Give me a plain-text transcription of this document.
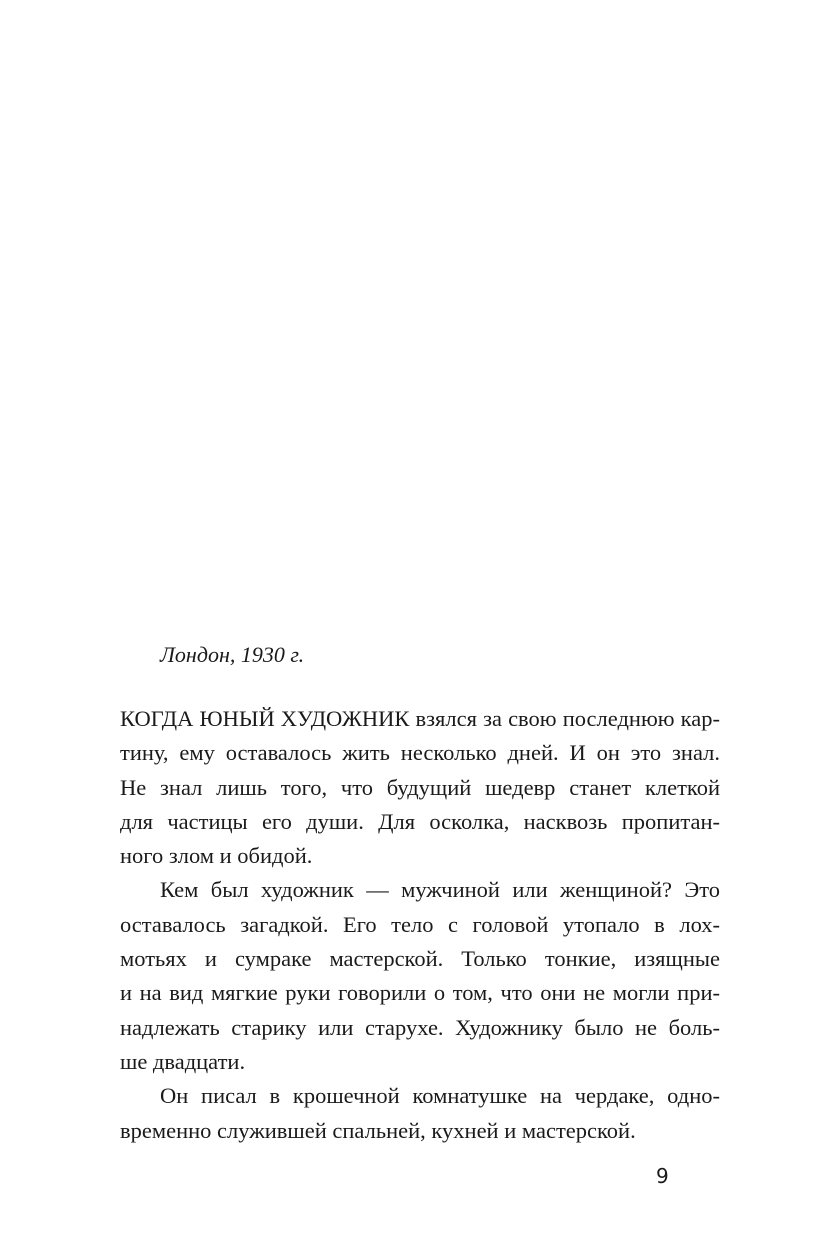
Лондон, 1930 г.
КОГДА ЮНЫЙ ХУДОЖНИК взялся за свою последнюю кар-
тину, ему оставалось жить несколько дней. И он это знал.
Не знал лишь того, что будущий шедевр станет клеткой
для частицы его души. Для осколка, насквозь пропитан-
ного злом и обидой.
Кем был художник — мужчиной или женщиной? Это
оставалось загадкой. Его тело с головой утопало в лох-
мотьях и сумраке мастерской. Только тонкие, изящные
и на вид мягкие руки говорили о том, что они не могли при-
надлежать старику или старухе. Художнику было не боль-
ше двадцати.
Он писал в крошечной комнатушке на чердаке, одно-
временно служившей спальней, кухней и мастерской.
9
